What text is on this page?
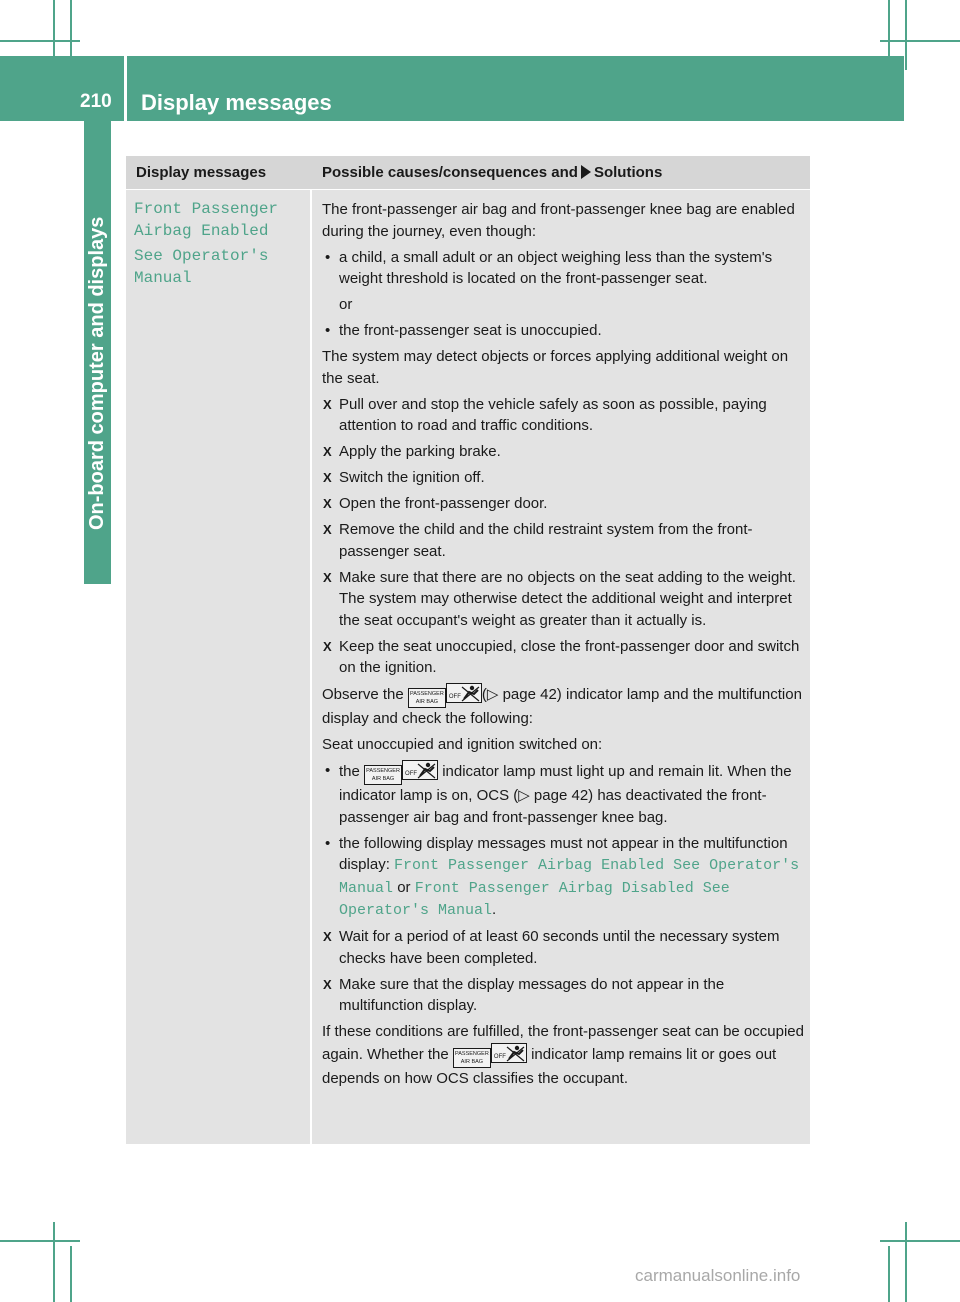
210 Display messages
On-board computer and displays
Display messages	Possible causes/consequences and Solutions
Front Passenger
Airbag Enabled
See Operator's
Manual
The front-passenger air bag and front-passenger knee bag are enabled during the journey, even though:
• a child, a small adult or an object weighing less than the system's weight threshold is located on the front-passenger seat.
or
• the front-passenger seat is unoccupied.
The system may detect objects or forces applying additional weight on the seat.
X Pull over and stop the vehicle safely as soon as possible, paying attention to road and traffic conditions.
X Apply the parking brake.
X Switch the ignition off.
X Open the front-passenger door.
X Remove the child and the child restraint system from the front-passenger seat.
X Make sure that there are no objects on the seat adding to the weight.
The system may otherwise detect the additional weight and interpret the seat occupant's weight as greater than it actually is.
X Keep the seat unoccupied, close the front-passenger door and switch on the ignition.
Observe the PASSENGER
AIR BAG
OFF (▷ page 42) indicator lamp and the multifunction display and check the following:
Seat unoccupied and ignition switched on:
• the PASSENGER
AIR BAG
OFF indicator lamp must light up and remain lit. When the indicator lamp is on, OCS (▷ page 42) has deactivated the front-passenger air bag and front-passenger knee bag.
• the following display messages must not appear in the multifunction display: Front Passenger Airbag Enabled See Operator's Manual or Front Passenger Airbag Disabled See Operator's Manual.
X Wait for a period of at least 60 seconds until the necessary system checks have been completed.
X Make sure that the display messages do not appear in the multifunction display.
If these conditions are fulfilled, the front-passenger seat can be occupied again. Whether the PASSENGER
AIR BAG
OFF indicator lamp remains lit or goes out depends on how OCS classifies the occupant.
carmanualsonline.info
